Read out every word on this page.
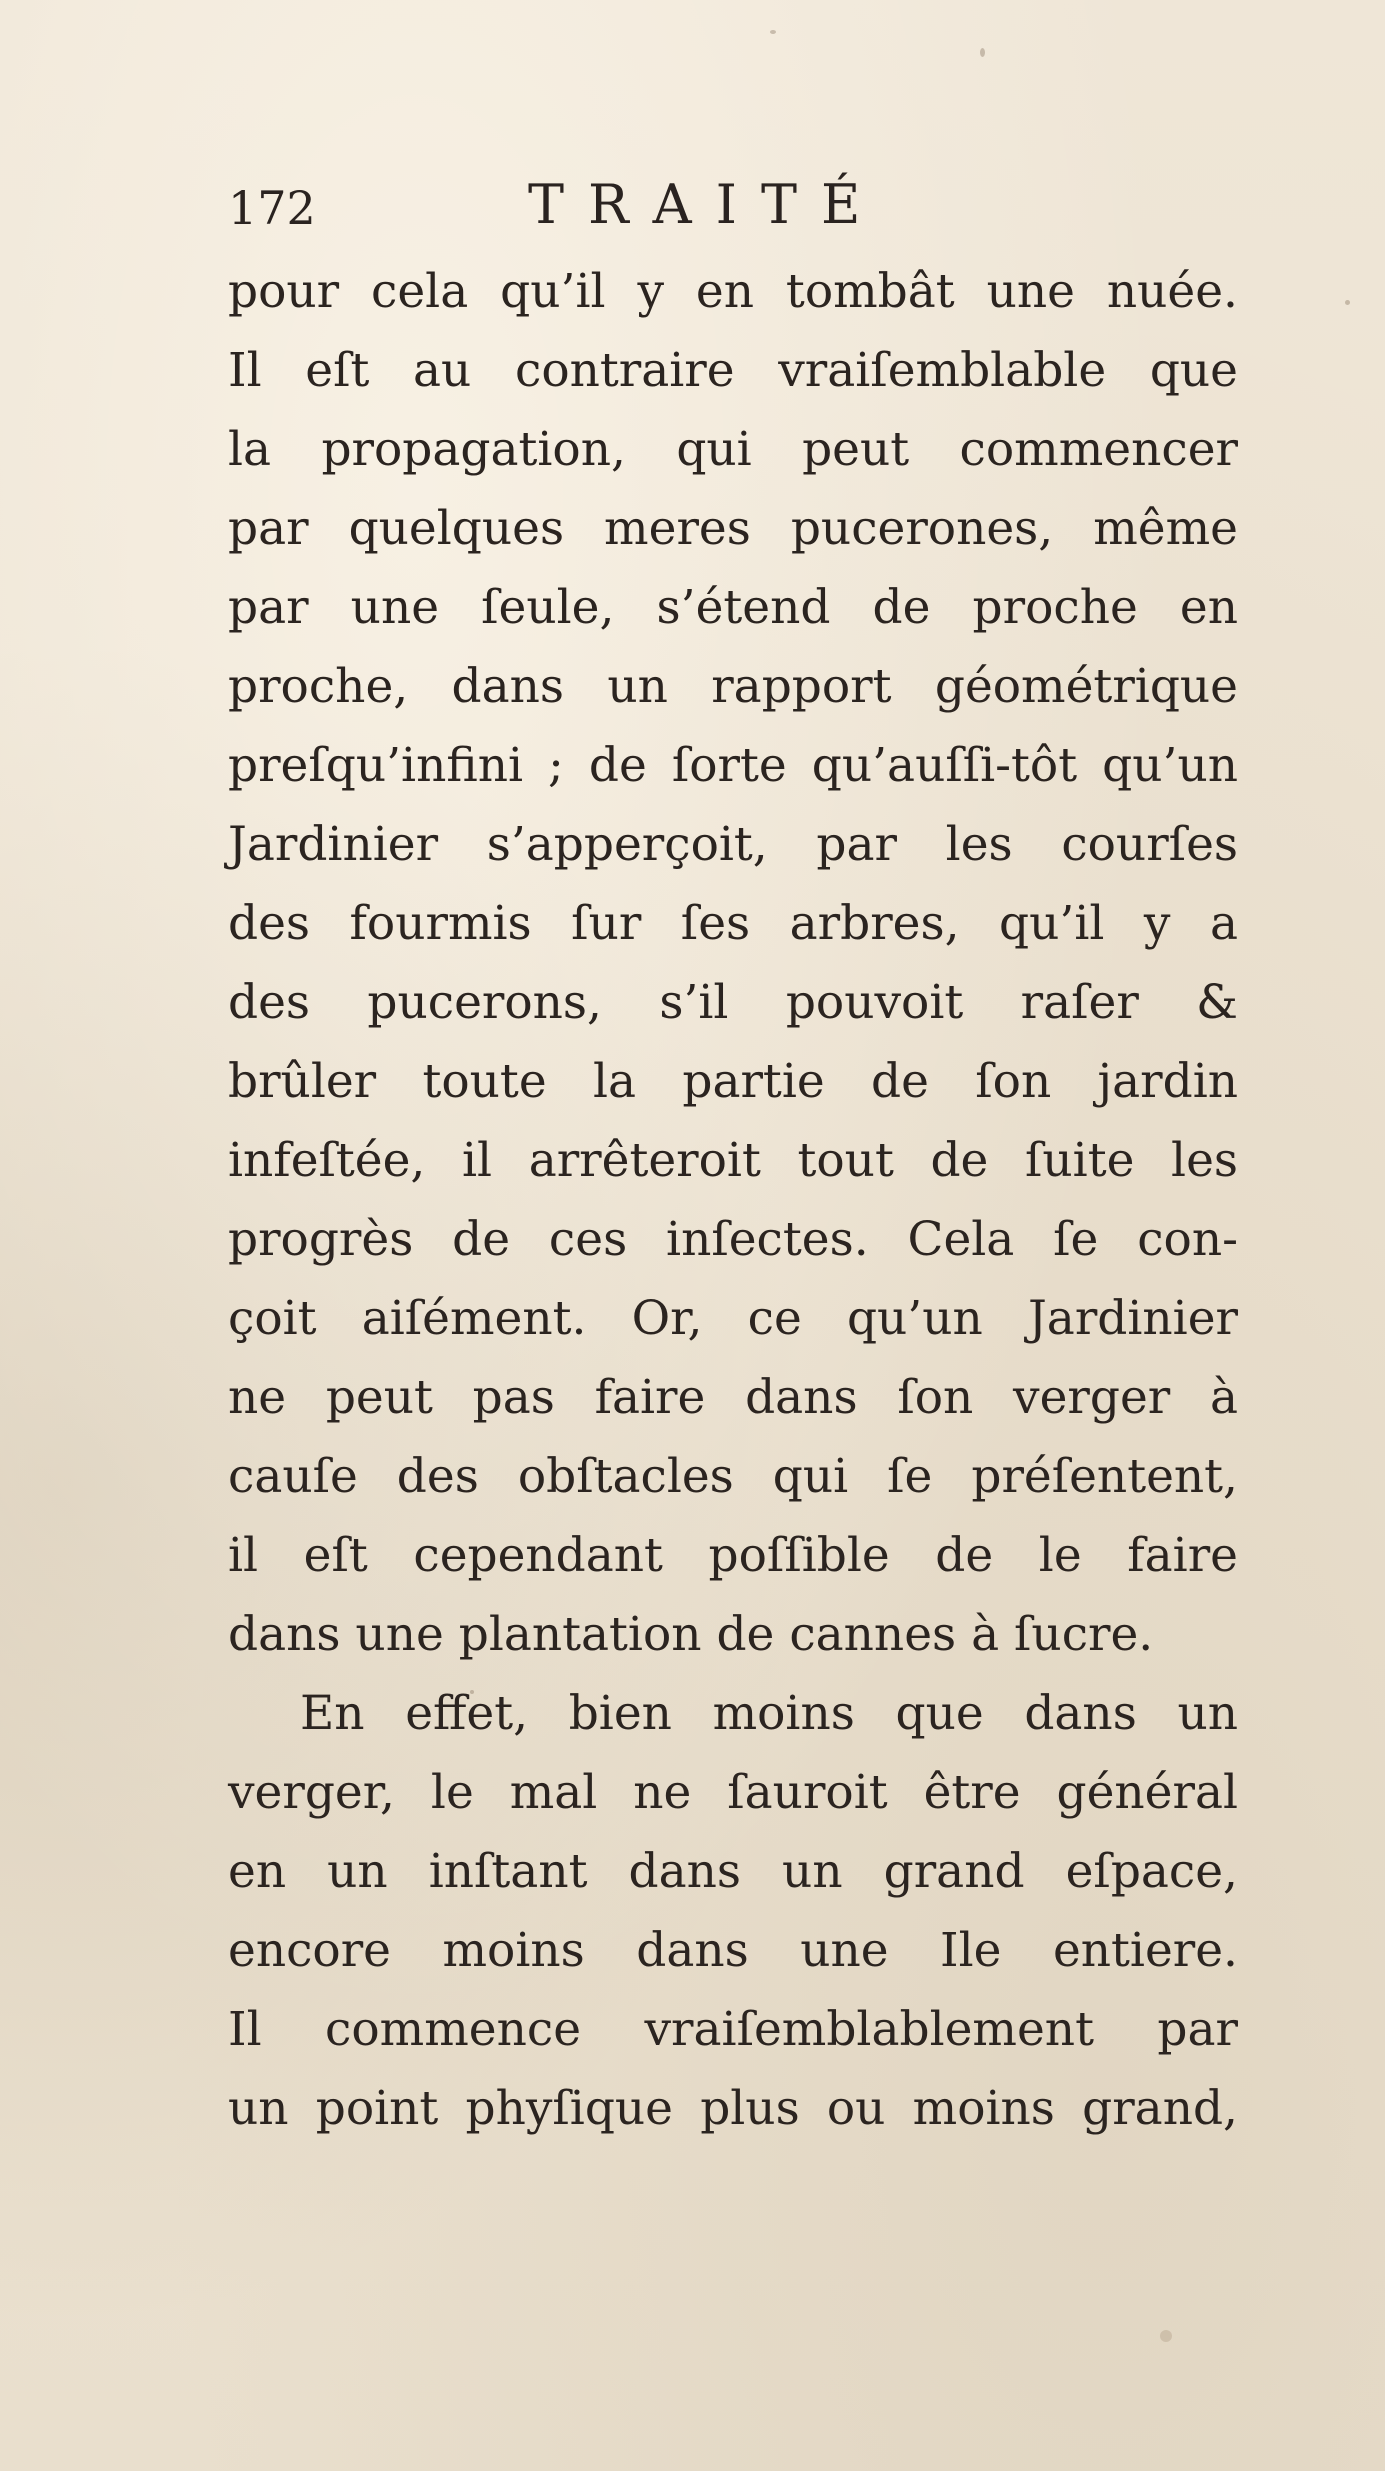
172	TRAITÉ
pour cela qu’il y en tombât une nuée.
Il eſt au contraire vraiſemblable que
la propagation, qui peut commencer
par quelques meres pucerones, même
par une ſeule, s’étend de proche en
proche, dans un rapport géométrique
preſqu’infini ; de ſorte qu’auſſi-tôt qu’un
Jardinier s’apperçoit, par les courſes
des fourmis ſur ſes arbres, qu’il y a
des pucerons, s’il pouvoit raſer &
brûler toute la partie de ſon jardin
infeſtée, il arrêteroit tout de ſuite les
progrès de ces inſectes. Cela ſe con-
çoit aiſément. Or, ce qu’un Jardinier
ne peut pas faire dans ſon verger à
cauſe des obſtacles qui ſe préſentent,
il eſt cependant poſſible de le faire
dans une plantation de cannes à ſucre.
En effet, bien moins que dans un
verger, le mal ne ſauroit être général
en un inſtant dans un grand eſpace,
encore moins dans une Ile entiere.
Il commence vraiſemblablement par
un point phyſique plus ou moins grand,
